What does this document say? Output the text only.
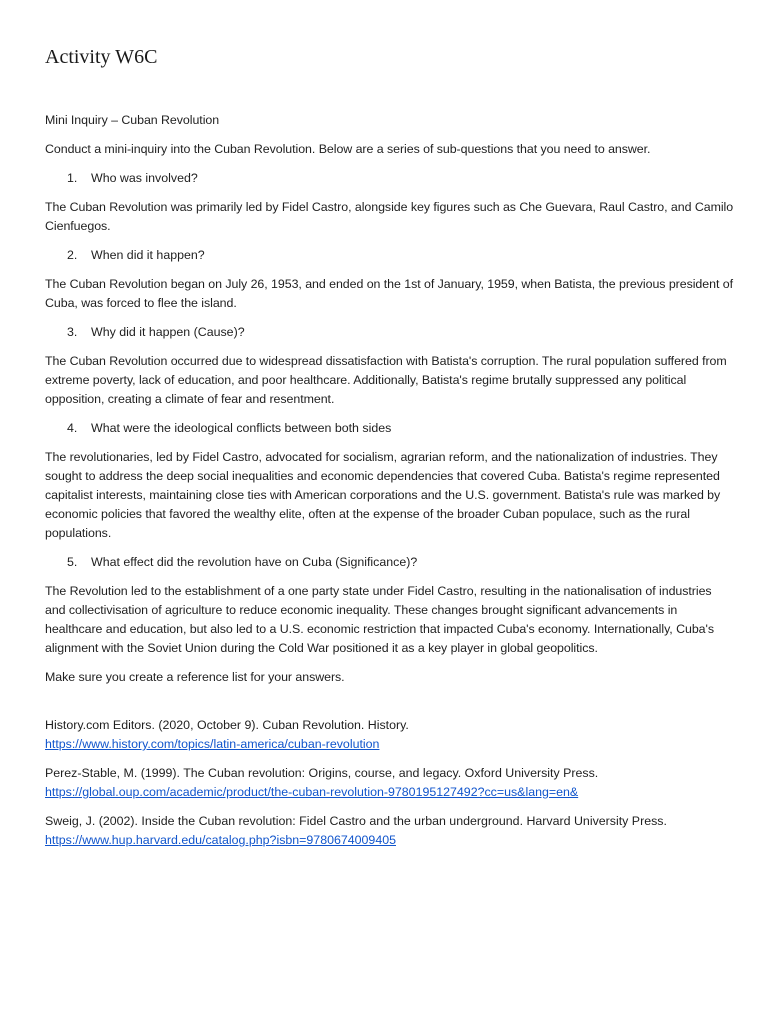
Activity W6C

Mini Inquiry – Cuban Revolution

Conduct a mini-inquiry into the Cuban Revolution. Below are a series of sub-questions that you need to answer.

1.	Who was involved?

The Cuban Revolution was primarily led by Fidel Castro, alongside key figures such as Che Guevara, Raul Castro, and Camilo Cienfuegos.

2.	When did it happen?

The Cuban Revolution began on July 26, 1953, and ended on the 1st of January, 1959, when Batista, the previous president of Cuba, was forced to flee the island.

3.	Why did it happen (Cause)?

The Cuban Revolution occurred due to widespread dissatisfaction with Batista's corruption. The rural population suffered from extreme poverty, lack of education, and poor healthcare. Additionally, Batista's regime brutally suppressed any political opposition, creating a climate of fear and resentment.

4.	What were the ideological conflicts between both sides

The revolutionaries, led by Fidel Castro, advocated for socialism, agrarian reform, and the nationalization of industries. They sought to address the deep social inequalities and economic dependencies that covered Cuba. Batista's regime represented capitalist interests, maintaining close ties with American corporations and the U.S. government. Batista's rule was marked by economic policies that favored the wealthy elite, often at the expense of the broader Cuban populace, such as the rural populations.

5.	What effect did the revolution have on Cuba (Significance)?

The Revolution led to the establishment of a one party state under Fidel Castro, resulting in the nationalisation of industries and collectivisation of agriculture to reduce economic inequality. These changes brought significant advancements in healthcare and education, but also led to a U.S. economic restriction that impacted Cuba's economy. Internationally, Cuba's alignment with the Soviet Union during the Cold War positioned it as a key player in global geopolitics.

Make sure you create a reference list for your answers.

History.com Editors. (2020, October 9). Cuban Revolution. History.
https://www.history.com/topics/latin-america/cuban-revolution
Perez-Stable, M. (1999). The Cuban revolution: Origins, course, and legacy. Oxford University Press.
https://global.oup.com/academic/product/the-cuban-revolution-9780195127492?cc=us&lang=en&
Sweig, J. (2002). Inside the Cuban revolution: Fidel Castro and the urban underground. Harvard University Press.
https://www.hup.harvard.edu/catalog.php?isbn=9780674009405
